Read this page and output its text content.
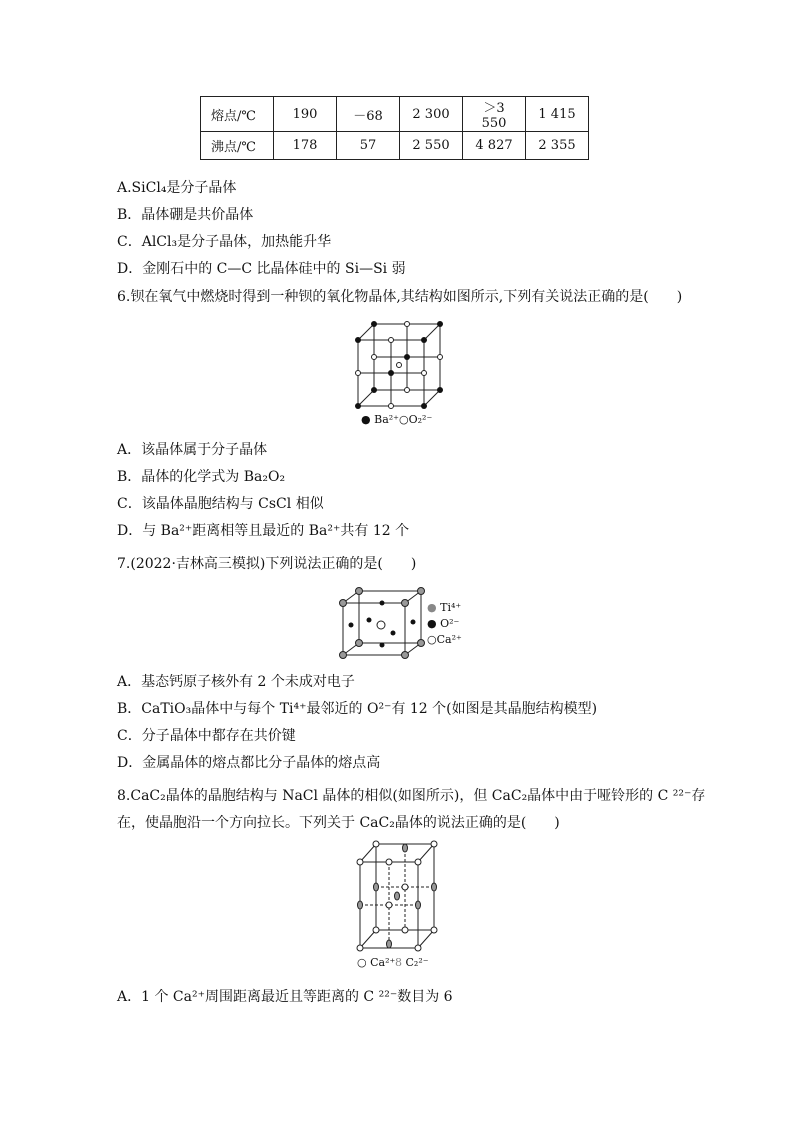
熔点/℃	190	－68	2 300	＞3 550	1 415
沸点/℃	178	57	2 550	4 827	2 355
A.SiCl₄是分子晶体
B．晶体硼是共价晶体
C．AlCl₃是分子晶体，加热能升华
D．金刚石中的 C—C 比晶体硅中的 Si—Si 弱
6.钡在氧气中燃烧时得到一种钡的氧化物晶体,其结构如图所示,下列有关说法正确的是(　　)
● Ba²⁺ ○O₂²⁻
A．该晶体属于分子晶体
B．晶体的化学式为 Ba₂O₂
C．该晶体晶胞结构与 CsCl 相似
D．与 Ba²⁺距离相等且最近的 Ba²⁺共有 12 个
7.(2022·吉林高三模拟)下列说法正确的是(　　)
● Ti⁴⁺
● O²⁻
○Ca²⁺
A．基态钙原子核外有 2 个未成对电子
B．CaTiO₃晶体中与每个 Ti⁴⁺最邻近的 O²⁻有 12 个(如图是其晶胞结构模型)
C．分子晶体中都存在共价键
D．金属晶体的熔点都比分子晶体的熔点高
8.CaC₂晶体的晶胞结构与 NaCl 晶体的相似(如图所示)，但 CaC₂晶体中由于哑铃形的 C ²²⁻存
在，使晶胞沿一个方向拉长。下列关于 CaC₂晶体的说法正确的是(　　)
○ Ca²⁺ 8 C₂²⁻
A．1 个 Ca²⁺周围距离最近且等距离的 C ²²⁻数目为 6
